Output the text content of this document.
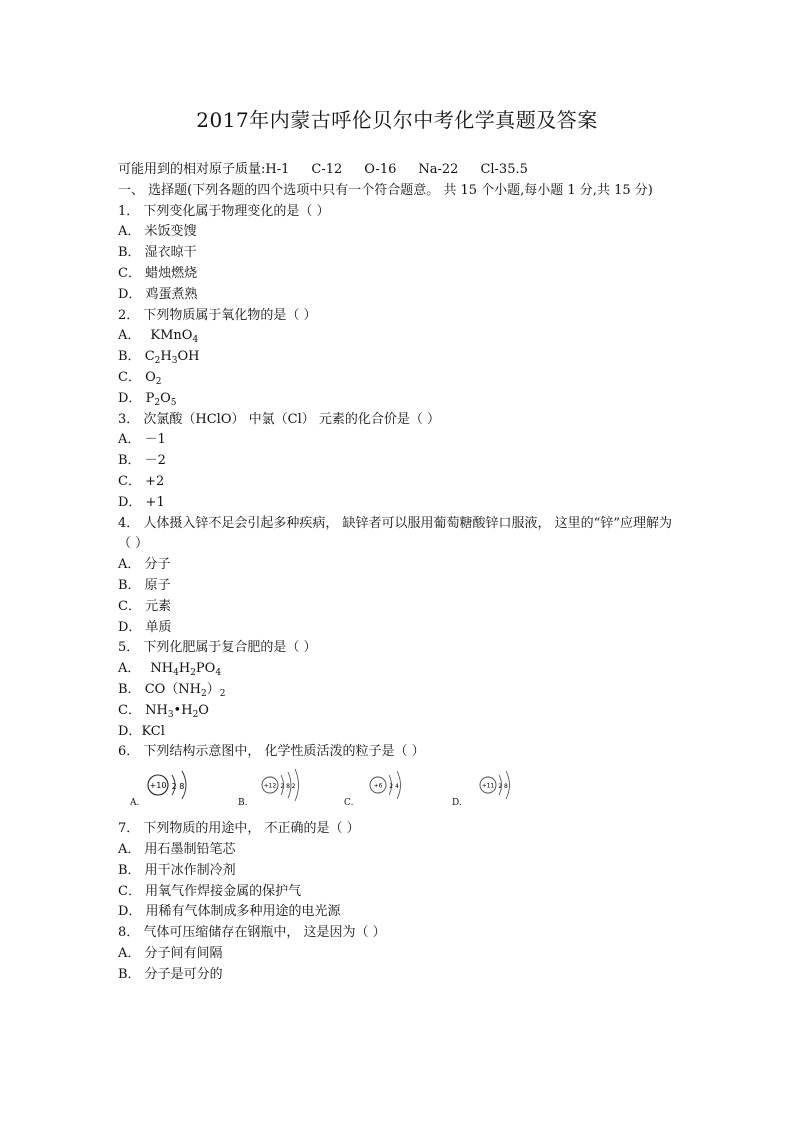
2017年内蒙古呼伦贝尔中考化学真题及答案
可能用到的相对原子质量:H-1 C-12 O-16 Na-22 Cl-35.5
一、 选择题(下列各题的四个选项中只有一个符合题意。 共 15 个小题,每小题 1 分,共 15 分)
1． 下列变化属于物理变化的是（ ）
A． 米饭变馊
B． 湿衣晾干
C． 蜡烛燃烧
D． 鸡蛋煮熟
2． 下列物质属于氧化物的是（ ）
A． KMnO$_4$
B． $C_2H_3OH$
C． $O_2$
D． $P_2O_5$
3． 次氯酸（HClO） 中氯（Cl） 元素的化合价是（ ）
A． －1
B． －2
C． +2
D． +1
4． 人体摄入锌不足会引起多种疾病， 缺锌者可以服用葡萄糖酸锌口服液， 这里的“锌”应理解为（ ）
A． 分子
B． 原子
C． 元素
D． 单质
5． 下列化肥属于复合肥的是（ ）
A． $NH_4H_2PO_4$
B． $CO(NH_2)_2$
C． $NH_3•H_2O$
D．KCl
6． 下列结构示意图中， 化学性质活泼的粒子是（ ）
+10 2 8
A.
+12 2 8 2
B.
+6 2 4
C.
+11 2 8
D.
7． 下列物质的用途中， 不正确的是（ ）
A． 用石墨制铅笔芯
B． 用干冰作制冷剂
C． 用氧气作焊接金属的保护气
D． 用稀有气体制成多种用途的电光源
8． 气体可压缩储存在钢瓶中， 这是因为（ ）
A． 分子间有间隔
B． 分子是可分的
